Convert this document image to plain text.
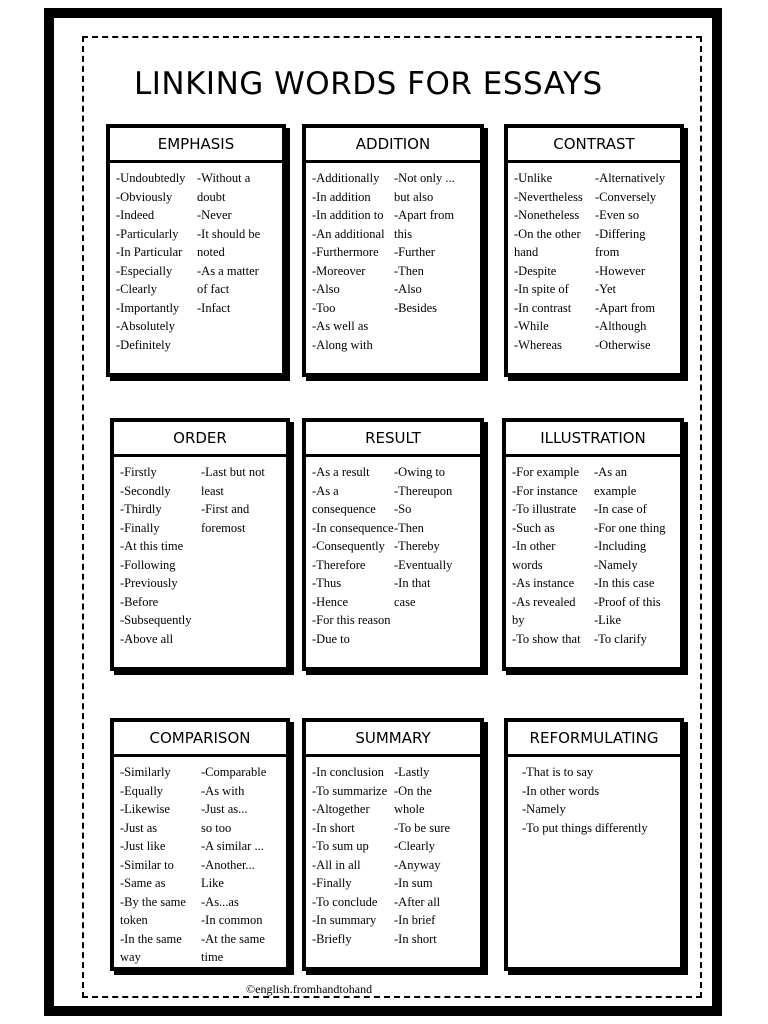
LINKING WORDS FOR ESSAYS
EMPHASIS
-Undoubtedly
-Obviously
-Indeed
-Particularly
-In Particular
-Especially
-Clearly
-Importantly
-Absolutely
-Definitely
-Without a
doubt
-Never
-It should be
noted
-As a matter
of fact
-Infact
ADDITION
-Additionally
-In addition
-In addition to
-An additional
-Furthermore
-Moreover
-Also
-Too
-As well as
-Along with
-Not only ...
but also
-Apart from
this
-Further
-Then
-Also
-Besides
CONTRAST
-Unlike
-Nevertheless
-Nonetheless
-On the other
hand
-Despite
-In spite of
-In contrast
-While
-Whereas
-Alternatively
-Conversely
-Even so
-Differing
from
-However
-Yet
-Apart from
-Although
-Otherwise
ORDER
-Firstly
-Secondly
-Thirdly
-Finally
-At this time
-Following
-Previously
-Before
-Subsequently
-Above all
-Last but not
least
-First and
foremost
RESULT
-As a result
-As a
consequence
-In consequence
-Consequently
-Therefore
-Thus
-Hence
-For this reason
-Due to
-Owing to
-Thereupon
-So
-Then
-Thereby
-Eventually
-In that
case
ILLUSTRATION
-For example
-For instance
-To illustrate
-Such as
-In other
words
-As instance
-As revealed
by
-To show that
-As an
example
-In case of
-For one thing
-Including
-Namely
-In this case
-Proof of this
-Like
-To clarify
COMPARISON
-Similarly
-Equally
-Likewise
-Just as
-Just like
-Similar to
-Same as
-By the same
token
-In the same way
-Comparable
-As with
-Just as...
so too
-A similar ...
-Another...
Like
-As...as
-In common
-At the same
time
SUMMARY
-In conclusion
-To summarize
-Altogether
-In short
-To sum up
-All in all
-Finally
-To conclude
-In summary
-Briefly
-Lastly
-On the
whole
-To be sure
-Clearly
-Anyway
-In sum
-After all
-In brief
-In short
REFORMULATING
-That is to say
-In other words
-Namely
-To put things differently
©english.fromhandtohand
